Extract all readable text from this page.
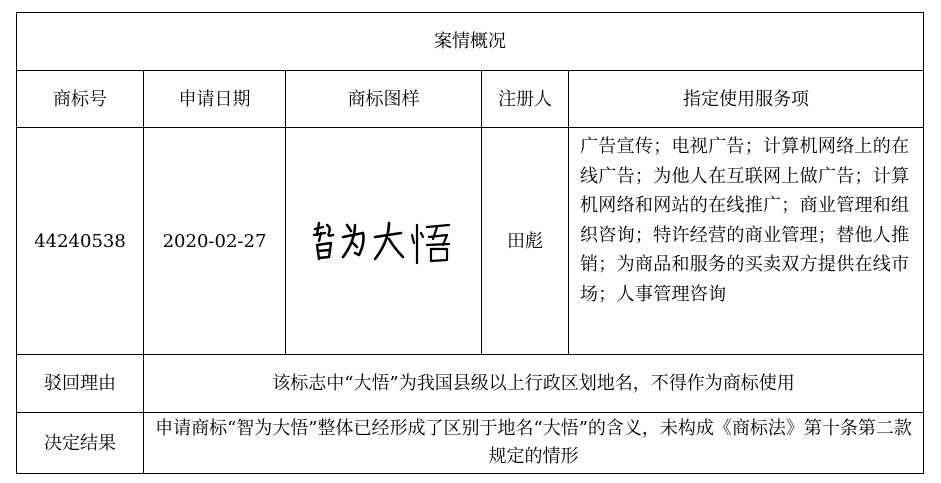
案情概况				
商标号	申请日期	商标图样	注册人	指定使用服务项
44240538	2020-02-27		田彪	广告宣传；电视广告；计算机网络上的在线广告；为他人在互联网上做广告；计算机网络和网站的在线推广；商业管理和组织咨询；特许经营的商业管理；替他人推销；为商品和服务的买卖双方提供在线市场；人事管理咨询
驳回理由	该标志中“大悟”为我国县级以上行政区划地名，不得作为商标使用			
决定结果	申请商标“智为大悟”整体已经形成了区别于地名“大悟”的含义，未构成《商标法》第十条第二款规定的情形			
